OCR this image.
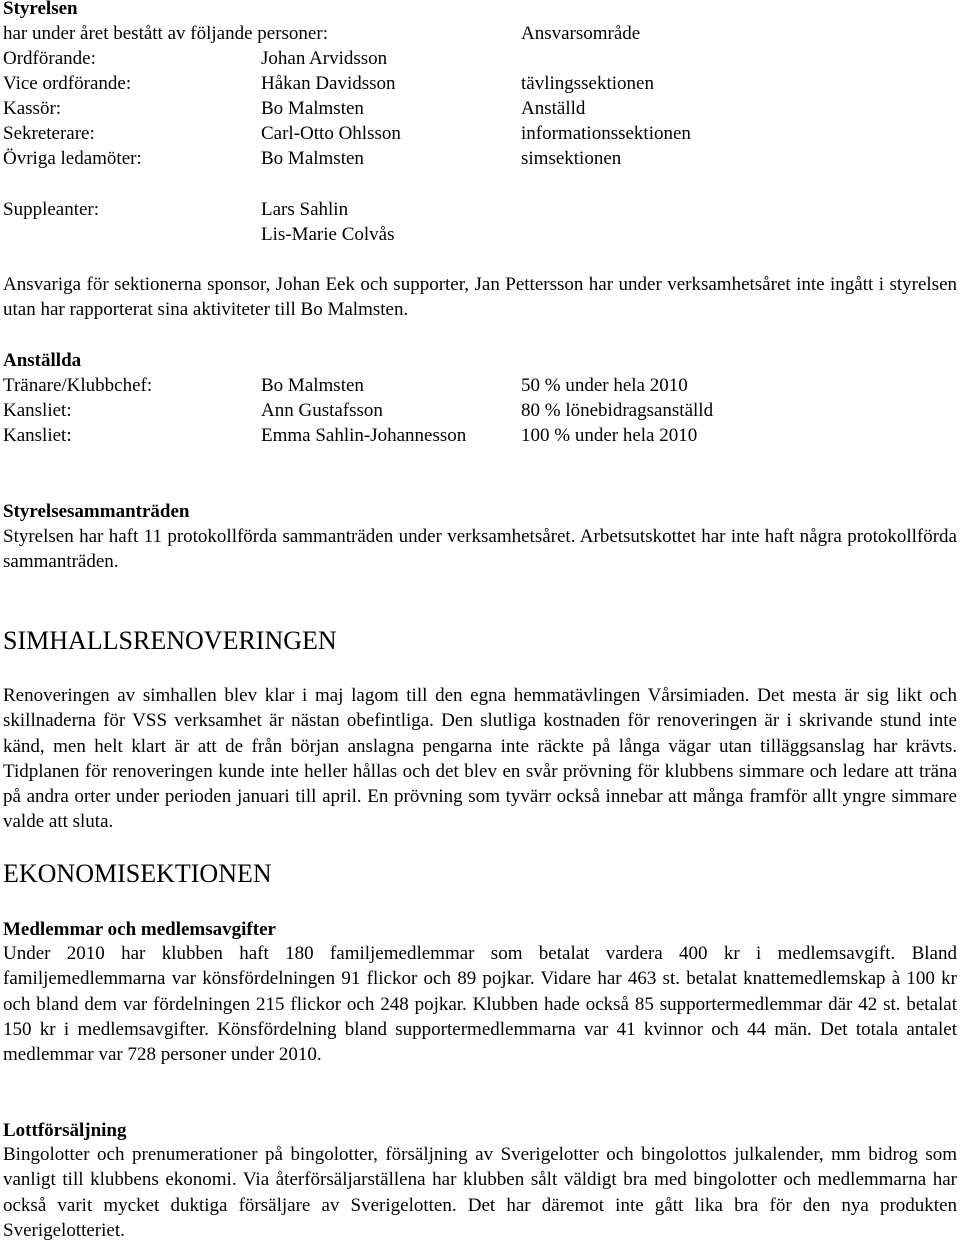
Styrelsen
har under året bestått av följande personer:	Ansvarsområde
Ordförande:	Johan Arvidsson
Vice ordförande:	Håkan Davidsson	tävlingssektionen
Kassör:	Bo Malmsten	Anställd
Sekreterare:	Carl-Otto Ohlsson	informationssektionen
Övriga ledamöter:	Bo Malmsten	simsektionen
Suppleanter:	Lars Sahlin
Lis-Marie Colvås

Ansvariga för sektionerna sponsor, Johan Eek och supporter, Jan Pettersson har under verksamhetsåret inte ingått i styrelsen utan har rapporterat sina aktiviteter till Bo Malmsten.

Anställda
Tränare/Klubbchef:	Bo Malmsten	50 % under hela 2010
Kansliet:	Ann Gustafsson	80 % lönebidragsanställd
Kansliet:	Emma Sahlin-Johannesson	100 % under hela 2010
Styrelsesammanträden

Styrelsen har haft 11 protokollförda sammanträden under verksamhetsåret. Arbetsutskottet har inte haft några protokollförda sammanträden.

SIMHALLSRENOVERINGEN

Renoveringen av simhallen blev klar i maj lagom till den egna hemmatävlingen Vårsimiaden. Det mesta är sig likt och skillnaderna för VSS verksamhet är nästan obefintliga. Den slutliga kostnaden för renoveringen är i skrivande stund inte känd, men helt klart är att de från början anslagna pengarna inte räckte på långa vägar utan tilläggsanslag har krävts. Tidplanen för renoveringen kunde inte heller hållas och det blev en svår prövning för klubbens simmare och ledare att träna på andra orter under perioden januari till april. En prövning som tyvärr också innebar att många framför allt yngre simmare valde att sluta.

EKONOMISEKTIONEN
Medlemmar och medlemsavgifter

Under 2010 har klubben haft 180 familjemedlemmar som betalat vardera 400 kr i medlemsavgift. Bland familjemedlemmarna var könsfördelningen 91 flickor och 89 pojkar. Vidare har 463 st. betalat knattemedlemskap à 100 kr och bland dem var fördelningen 215 flickor och 248 pojkar. Klubben hade också 85 supportermedlemmar där 42 st. betalat 150 kr i medlemsavgifter. Könsfördelning bland supportermedlemmarna var 41 kvinnor och 44 män. Det totala antalet medlemmar var 728 personer under 2010.

Lottförsäljning

Bingolotter och prenumerationer på bingolotter, försäljning av Sverigelotter och bingolottos julkalender, mm bidrog som vanligt till klubbens ekonomi. Via återförsäljarställena har klubben sålt väldigt bra med bingolotter och medlemmarna har också varit mycket duktiga försäljare av Sverigelotten. Det har däremot inte gått lika bra för den nya produkten Sverigelotteriet.
